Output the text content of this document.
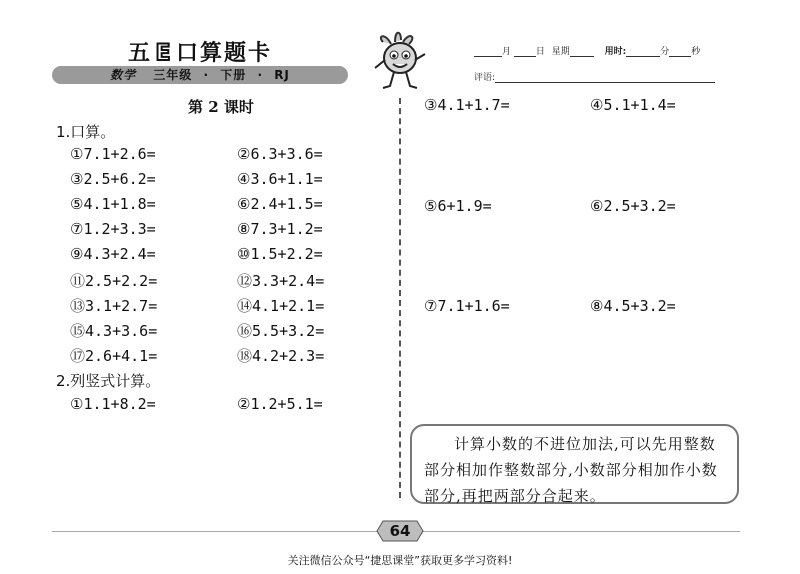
五 E 口算题卡
数学 三年级 · 下册 · RJ
月	日 星期	用时:	分 秒
评语:
第 2 课时
1.口算。
①7.1+2.6=	②6.3+3.6=
③2.5+6.2=	④3.6+1.1=
⑤4.1+1.8=	⑥2.4+1.5=
⑦1.2+3.3=	⑧7.3+1.2=
⑨4.3+2.4=	⑩1.5+2.2=
⑪2.5+2.2=	⑫3.3+2.4=
⑬3.1+2.7=	⑭4.1+2.1=
⑮4.3+3.6=	⑯5.5+3.2=
⑰2.6+4.1=	⑱4.2+2.3=
2.列竖式计算。
①1.1+8.2=	②1.2+5.1=
③4.1+1.7=	④5.1+1.4=
⑤6+1.9=	⑥2.5+3.2=
⑦7.1+1.6=	⑧4.5+3.2=
计算小数的不进位加法,可以先用整数部分相加作整数部分,小数部分相加作小数部分,再把两部分合起来。
64
关注微信公众号“捷思课堂”获取更多学习资料!
